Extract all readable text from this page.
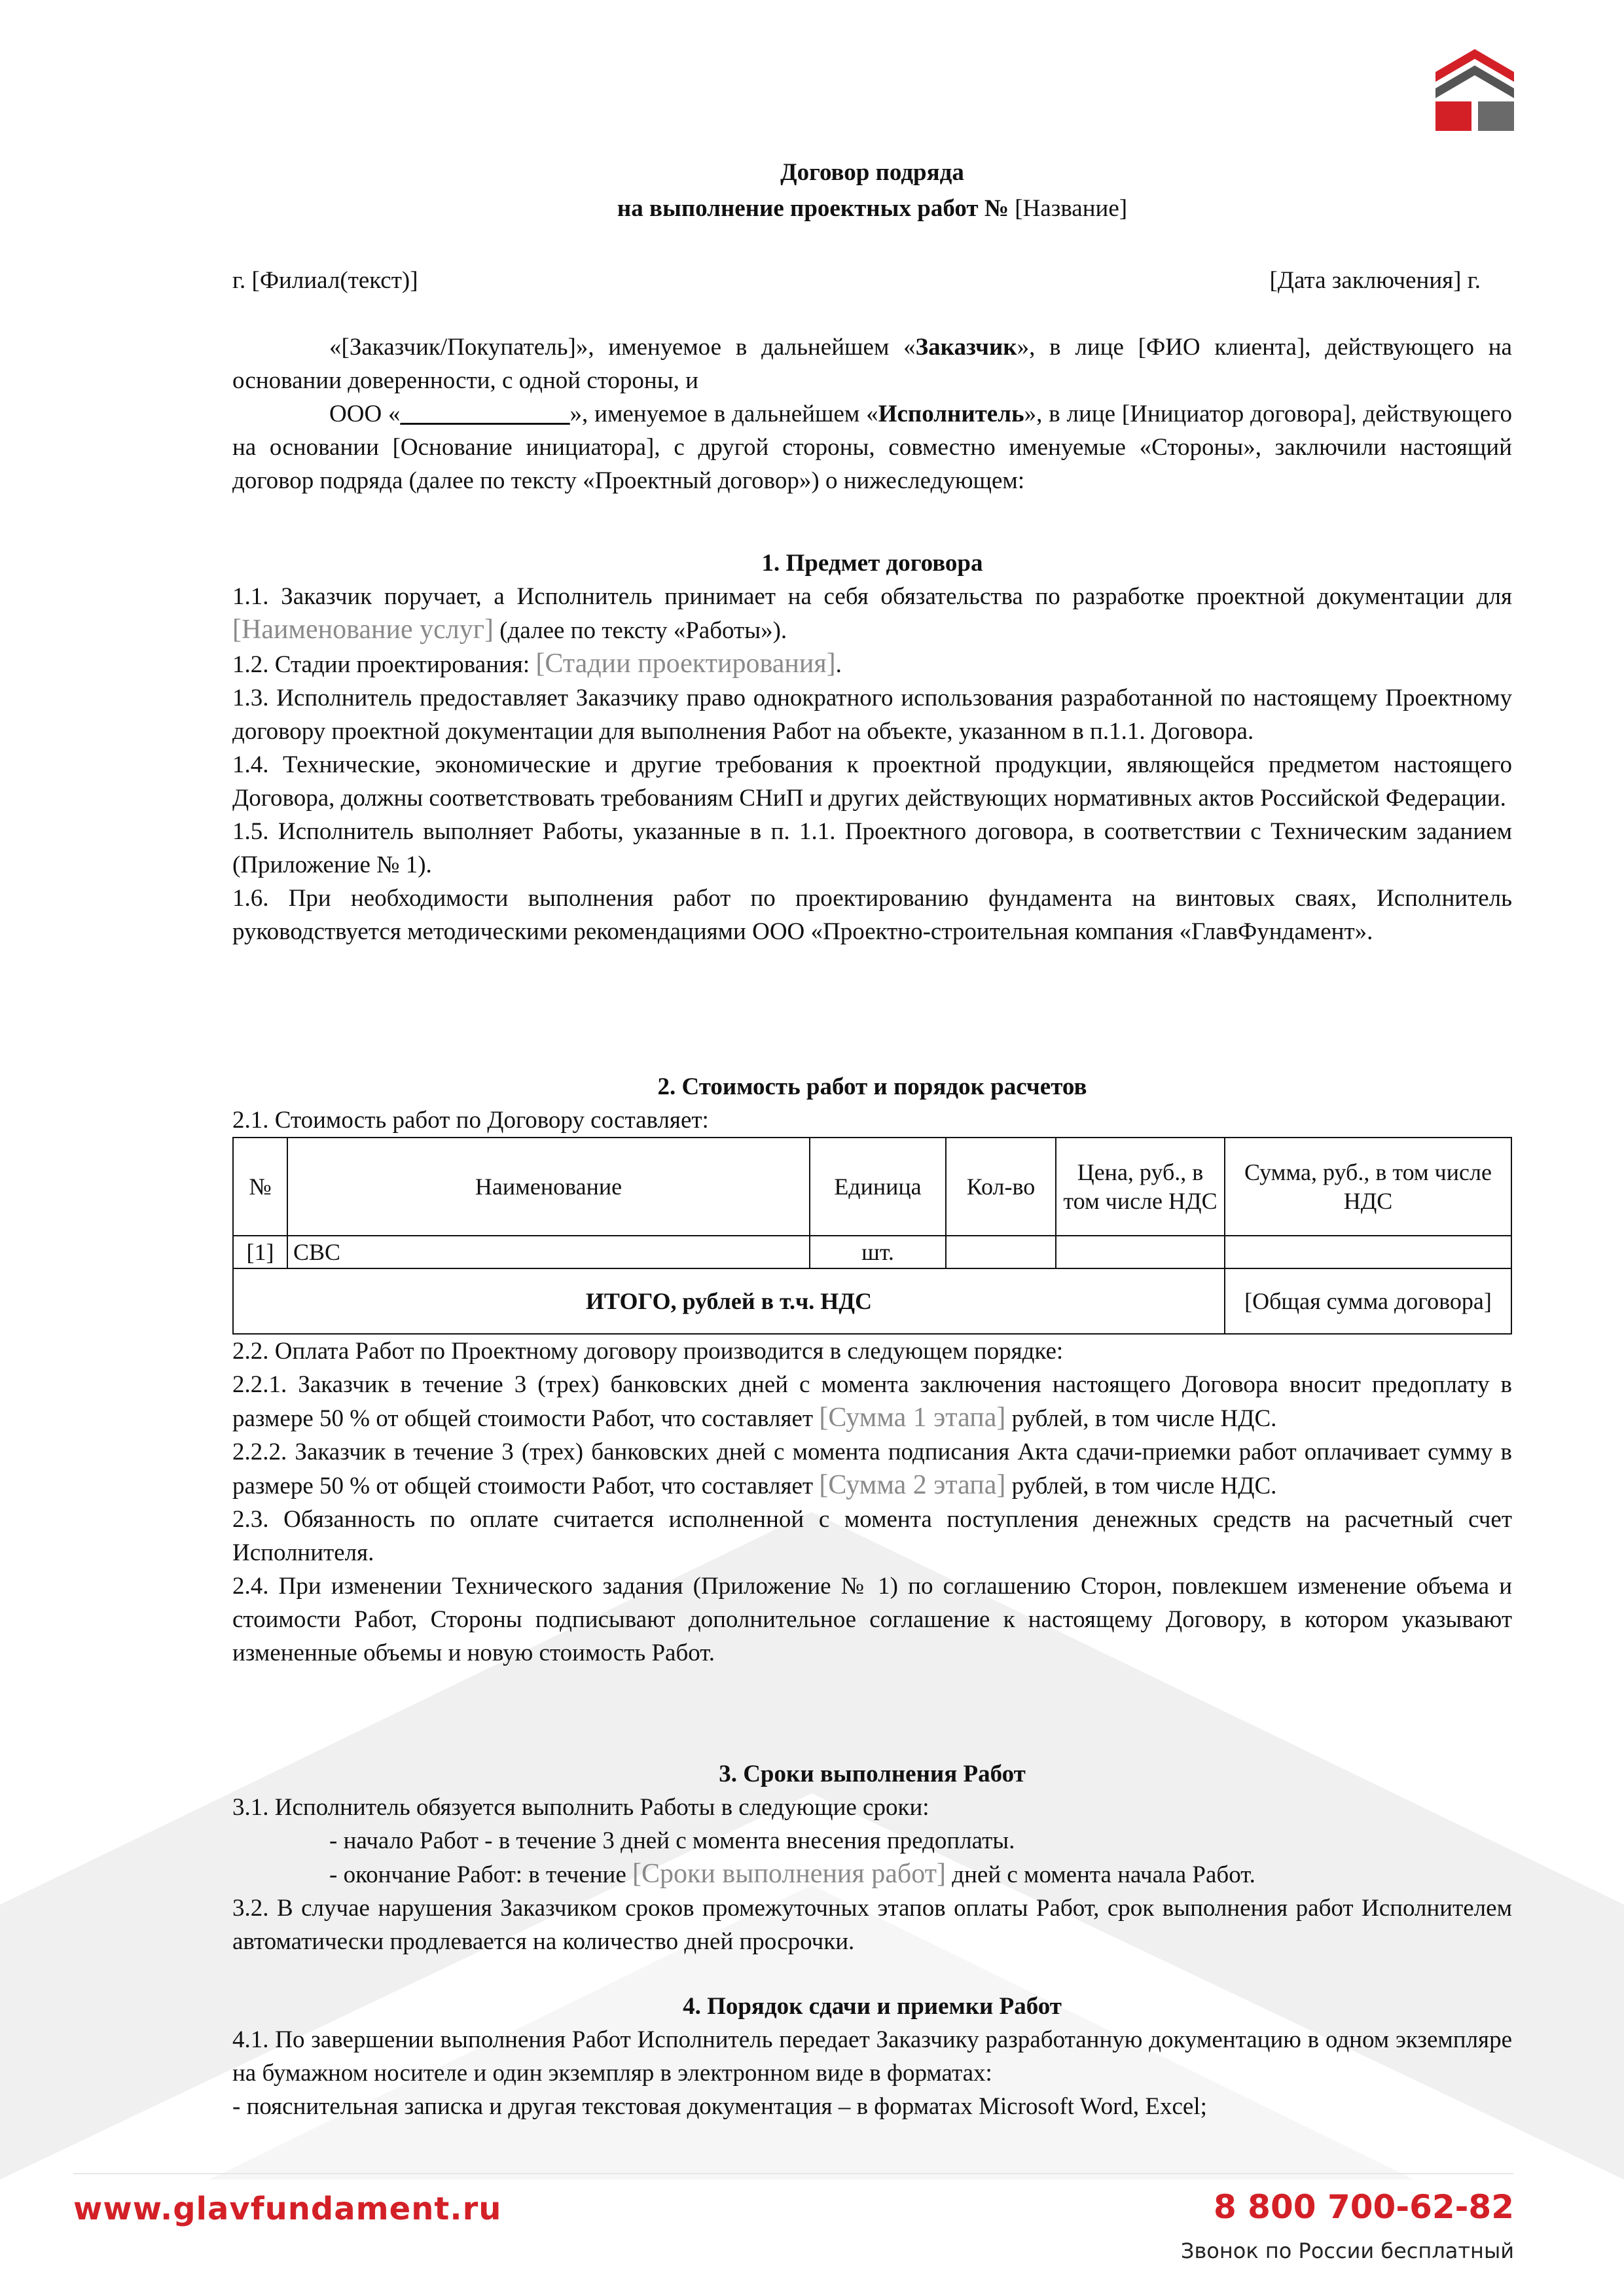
Договор подряда
на выполнение проектных работ № [Название]
г. [Филиал(текст)]	[Дата заключения] г.

«[Заказчик/Покупатель]», именуемое в дальнейшем «Заказчик», в лице [ФИО клиента], действующего на основании доверенности, с одной стороны, и

ООО «______________», именуемое в дальнейшем «Исполнитель», в лице [Инициатор договора], действующего на основании [Основание инициатора], с другой стороны, совместно именуемые «Стороны», заключили настоящий договор подряда (далее по тексту «Проектный договор») о нижеследующем:

1. Предмет договора

1.1. Заказчик поручает, а Исполнитель принимает на себя обязательства по разработке проектной документации для [Наименование услуг] (далее по тексту «Работы»).

1.2. Стадии проектирования: [Стадии проектирования].

1.3. Исполнитель предоставляет Заказчику право однократного использования разработанной по настоящему Проектному договору проектной документации для выполнения Работ на объекте, указанном в п.1.1. Договора.

1.4. Технические, экономические и другие требования к проектной продукции, являющейся предметом настоящего Договора, должны соответствовать требованиям СНиП и других действующих нормативных актов Российской Федерации.

1.5. Исполнитель выполняет Работы, указанные в п. 1.1. Проектного договора, в соответствии с Техническим заданием (Приложение № 1).

1.6. При необходимости выполнения работ по проектированию фундамента на винтовых сваях, Исполнитель руководствуется методическими рекомендациями ООО «Проектно-строительная компания «ГлавФундамент».

2. Стоимость работ и порядок расчетов

2.1. Стоимость работ по Договору составляет:

№	Наименование	Единица	Кол-во	Цена, руб., в том числе НДС	Сумма, руб., в том числе НДС
[1]	СВС	шт.			
ИТОГО, рублей в т.ч. НДС					[Общая сумма договора]

2.2. Оплата Работ по Проектному договору производится в следующем порядке:

2.2.1. Заказчик в течение 3 (трех) банковских дней с момента заключения настоящего Договора вносит предоплату в размере 50 % от общей стоимости Работ, что составляет [Сумма 1 этапа] рублей, в том числе НДС.

2.2.2. Заказчик в течение 3 (трех) банковских дней с момента подписания Акта сдачи-приемки работ оплачивает сумму в размере 50 % от общей стоимости Работ, что составляет [Сумма 2 этапа] рублей, в том числе НДС.

2.3. Обязанность по оплате считается исполненной с момента поступления денежных средств на расчетный счет Исполнителя.

2.4. При изменении Технического задания (Приложение № 1) по соглашению Сторон, повлекшем изменение объема и стоимости Работ, Стороны подписывают дополнительное соглашение к настоящему Договору, в котором указывают измененные объемы и новую стоимость Работ.

3. Сроки выполнения Работ

3.1. Исполнитель обязуется выполнить Работы в следующие сроки:

- начало Работ - в течение 3 дней с момента внесения предоплаты.

- окончание Работ: в течение [Сроки выполнения работ] дней с момента начала Работ.

3.2. В случае нарушения Заказчиком сроков промежуточных этапов оплаты Работ, срок выполнения работ Исполнителем автоматически продлевается на количество дней просрочки.

4. Порядок сдачи и приемки Работ

4.1. По завершении выполнения Работ Исполнитель передает Заказчику разработанную документацию в одном экземпляре на бумажном носителе и один экземпляр в электронном виде в форматах:

- пояснительная записка и другая текстовая документация – в форматах Microsoft Word, Excel;

www.glavfundament.ru	8 800 700-62-82
Звонок по России бесплатный
